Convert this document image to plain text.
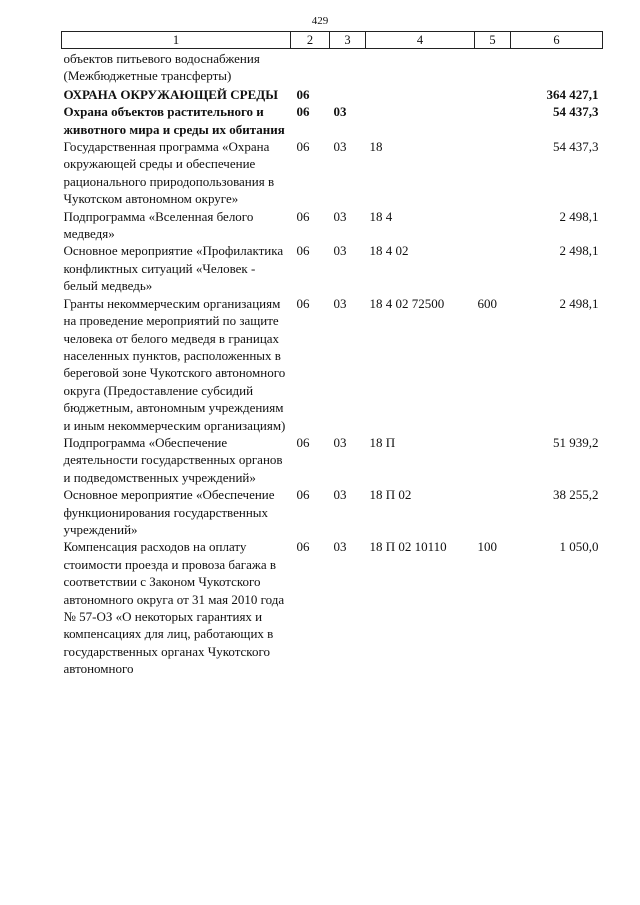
429
1	2	3	4	5	6
объектов питьевого водоснабжения (Межбюджетные трансферты)					
ОХРАНА ОКРУЖАЮЩЕЙ СРЕДЫ	06				364 427,1
Охрана объектов растительного и животного мира и среды их обитания	06	03			54 437,3
Государственная программа «Охрана окружающей среды и обеспечение рационального природопользования в Чукотском автономном округе»	06	03	18		54 437,3
Подпрограмма «Вселенная белого медведя»	06	03	18 4		2 498,1
Основное мероприятие «Профилактика конфликтных ситуаций «Человек - белый медведь»	06	03	18 4 02		2 498,1
Гранты некоммерческим организациям на проведение мероприятий по защите человека от белого медведя в границах населенных пунктов, расположенных в береговой зоне Чукотского автономного округа (Предоставление субсидий бюджетным, автономным учреждениям и иным некоммерческим организациям)	06	03	18 4 02 72500	600	2 498,1
Подпрограмма «Обеспечение деятельности государственных органов и подведомственных учреждений»	06	03	18 П		51 939,2
Основное мероприятие «Обеспечение функционирования государственных учреждений»	06	03	18 П 02		38 255,2
Компенсация расходов на оплату стоимости проезда и провоза багажа в соответствии с Законом Чукотского автономного округа от 31 мая 2010 года № 57-ОЗ «О некоторых гарантиях и компенсациях для лиц, работающих в государственных органах Чукотского автономного	06	03	18 П 02 10110	100	1 050,0
